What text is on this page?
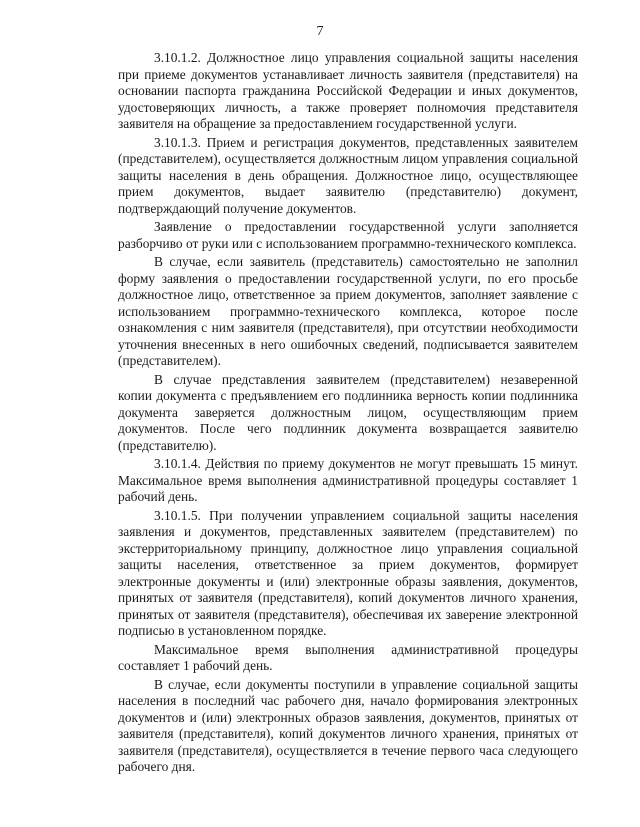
7

3.10.1.2. Должностное лицо управления социальной защиты населения при приеме документов устанавливает личность заявителя (представителя) на основании паспорта гражданина Российской Федерации и иных документов, удостоверяющих личность, а также проверяет полномочия представителя заявителя на обращение за предоставлением государственной услуги.

3.10.1.3. Прием и регистрация документов, представленных заявителем (представителем), осуществляется должностным лицом управления социальной защиты населения в день обращения. Должностное лицо, осуществляющее прием документов, выдает заявителю (представителю) документ, подтверждающий получение документов.

Заявление о предоставлении государственной услуги заполняется разборчиво от руки или с использованием программно-технического комплекса.

В случае, если заявитель (представитель) самостоятельно не заполнил форму заявления о предоставлении государственной услуги, по его просьбе должностное лицо, ответственное за прием документов, заполняет заявление с использованием программно-технического комплекса, которое после ознакомления с ним заявителя (представителя), при отсутствии необходимости уточнения внесенных в него ошибочных сведений, подписывается заявителем (представителем).

В случае представления заявителем (представителем) незаверенной копии документа с предъявлением его подлинника верность копии подлинника документа заверяется должностным лицом, осуществляющим прием документов. После чего подлинник документа возвращается заявителю (представителю).

3.10.1.4. Действия по приему документов не могут превышать 15 минут. Максимальное время выполнения административной процедуры составляет 1 рабочий день.

3.10.1.5. При получении управлением социальной защиты населения заявления и документов, представленных заявителем (представителем) по экстерриториальному принципу, должностное лицо управления социальной защиты населения, ответственное за прием документов, формирует электронные документы и (или) электронные образы заявления, документов, принятых от заявителя (представителя), копий документов личного хранения, принятых от заявителя (представителя), обеспечивая их заверение электронной подписью в установленном порядке.

Максимальное время выполнения административной процедуры составляет 1 рабочий день.

В случае, если документы поступили в управление социальной защиты населения в последний час рабочего дня, начало формирования электронных документов и (или) электронных образов заявления, документов, принятых от заявителя (представителя), копий документов личного хранения, принятых от заявителя (представителя), осуществляется в течение первого часа следующего рабочего дня.
